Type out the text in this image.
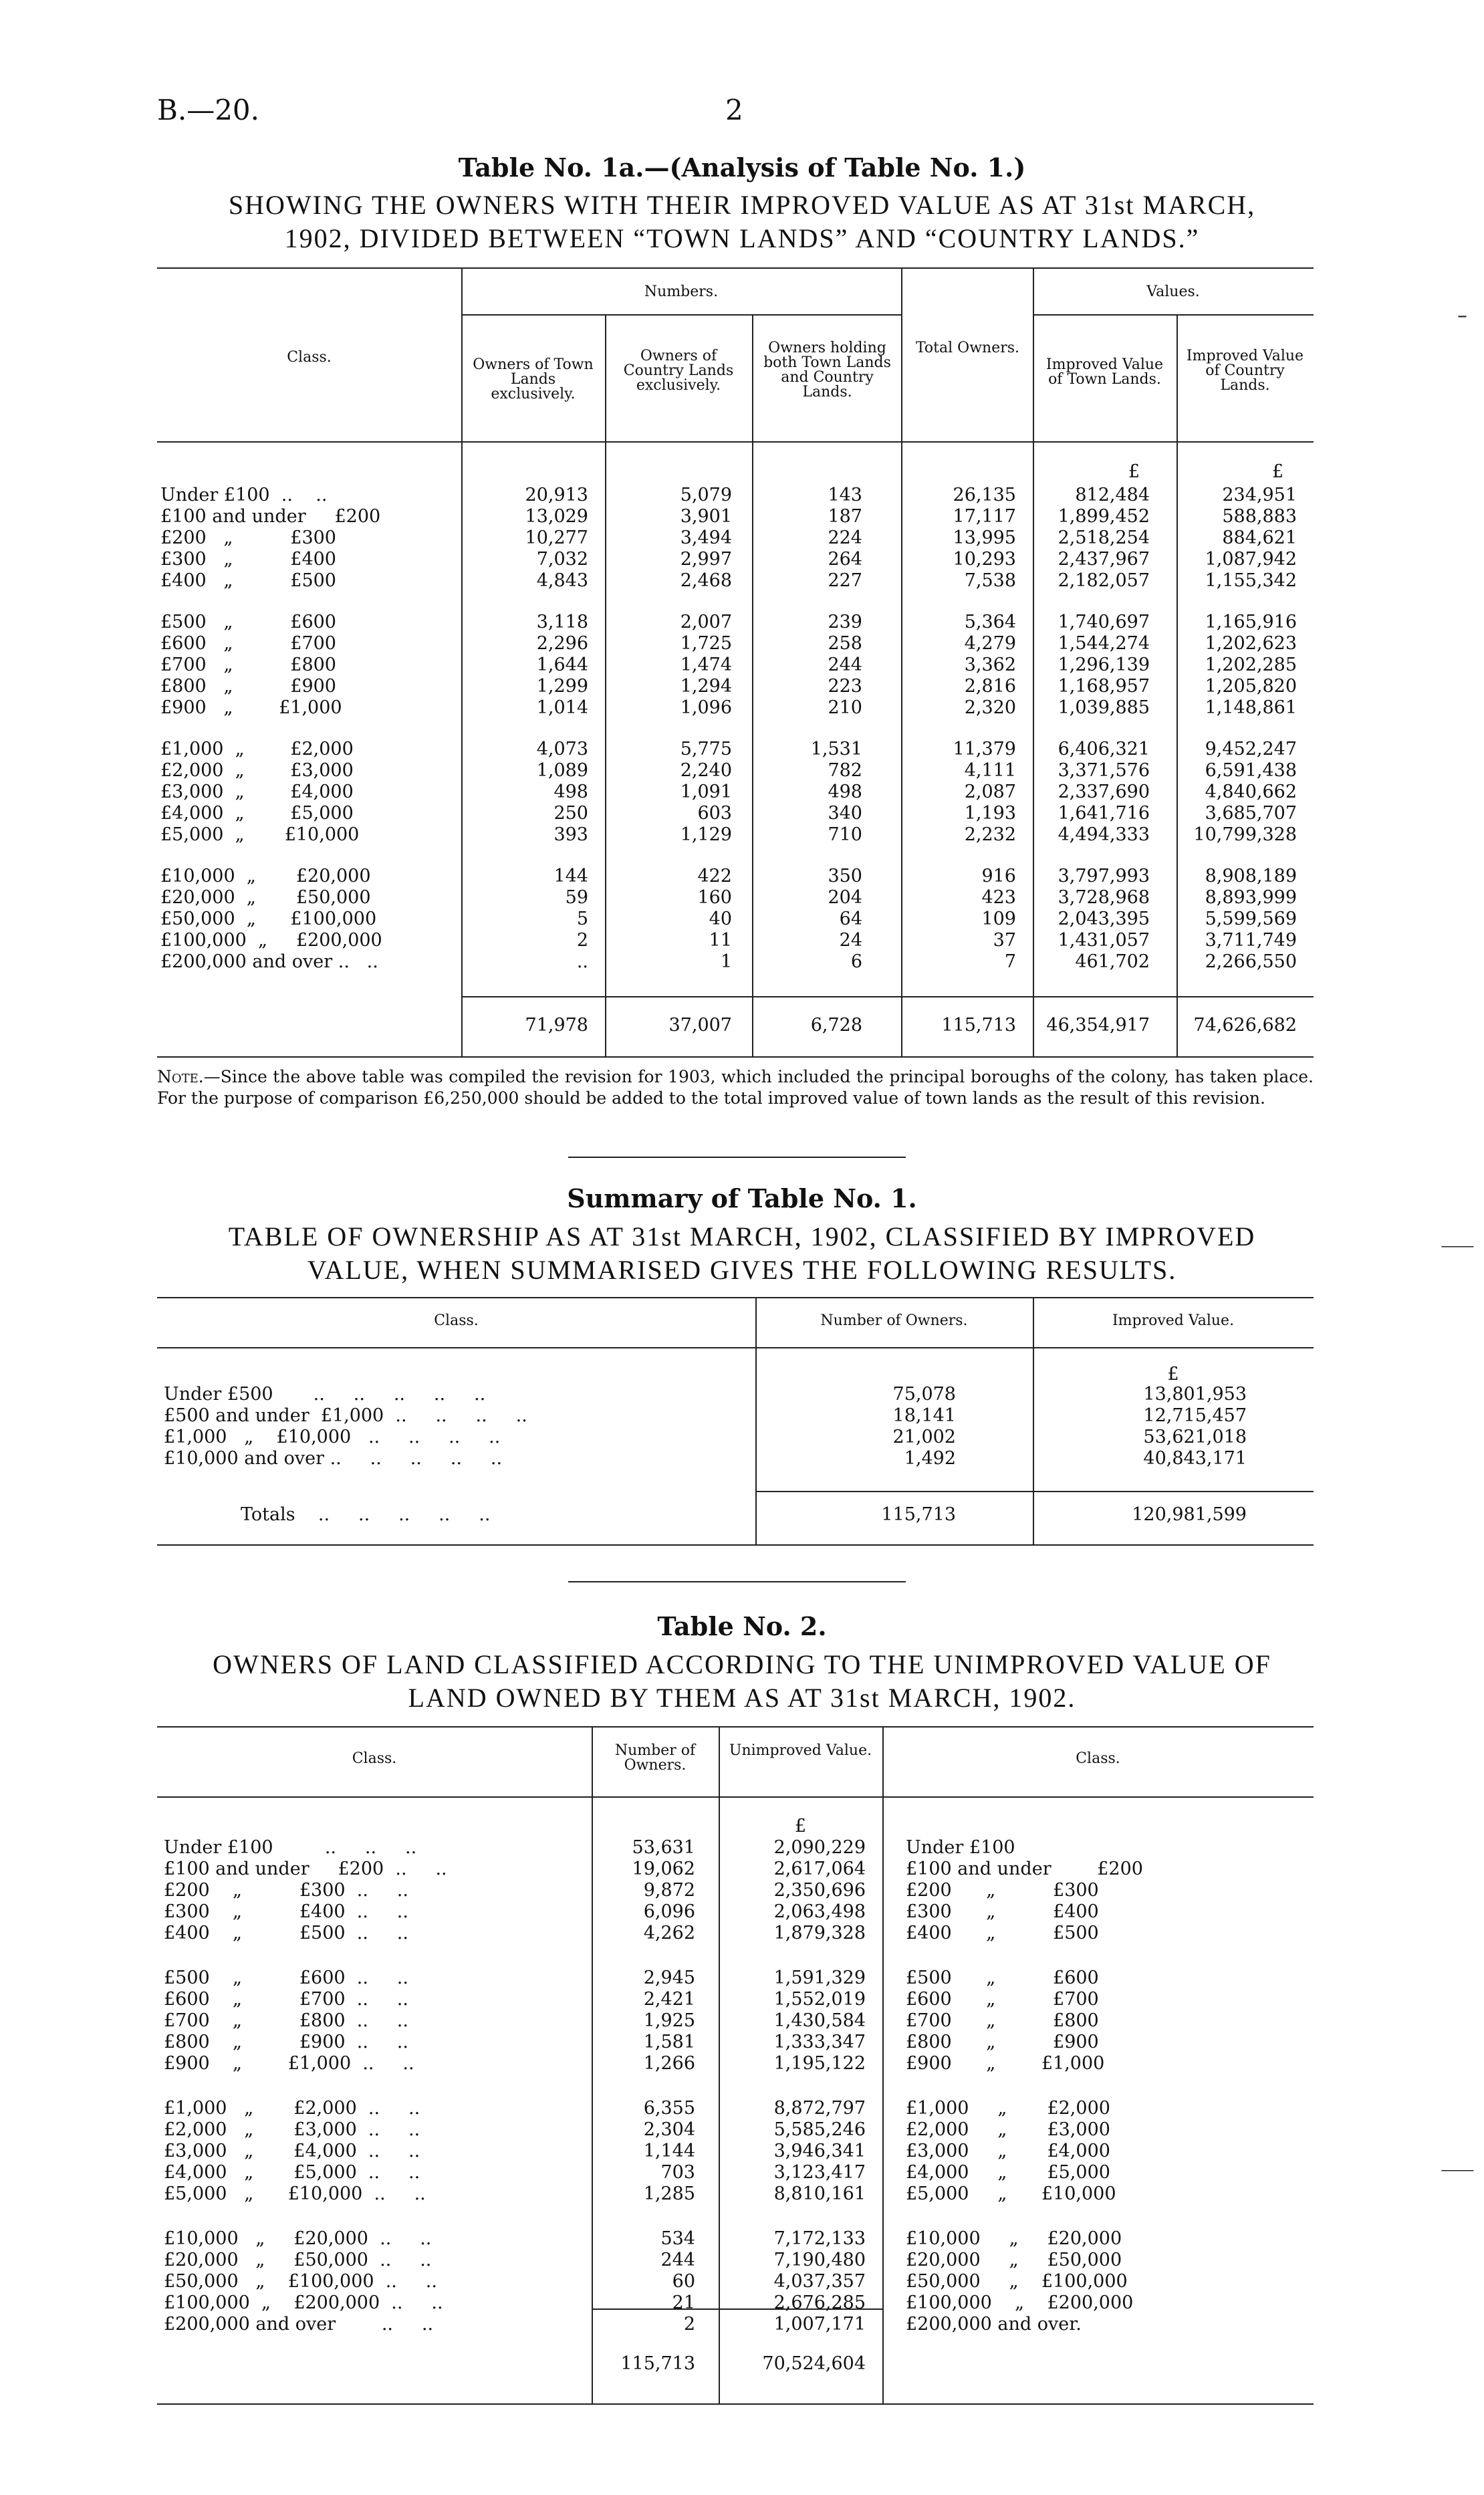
B.—20.	2
Table No. 1a.—(Analysis of Table No. 1.)
SHOWING THE OWNERS WITH THEIR IMPROVED VALUE AS AT 31st MARCH,
1902, DIVIDED BETWEEN “TOWN LANDS” AND “COUNTRY LANDS.”
Class.
Numbers.	Values.
Owners of Town Lands exclusively.
Owners of Country Lands exclusively.
Owners holding both Town Lands and Country Lands.
Total Owners.
Improved Value of Town Lands.
Improved Value of Country Lands.
£	£
Under £100  ..    ..	20,913	5,079	143	26,135	812,484	234,951
£100 and under     £200	13,029	3,901	187	17,117	1,899,452	588,883
£200   „          £300	10,277	3,494	224	13,995	2,518,254	884,621
£300   „          £400	7,032	2,997	264	10,293	2,437,967	1,087,942
£400   „          £500	4,843	2,468	227	7,538	2,182,057	1,155,342
£500   „          £600	3,118	2,007	239	5,364	1,740,697	1,165,916
£600   „          £700	2,296	1,725	258	4,279	1,544,274	1,202,623
£700   „          £800	1,644	1,474	244	3,362	1,296,139	1,202,285
£800   „          £900	1,299	1,294	223	2,816	1,168,957	1,205,820
£900   „        £1,000	1,014	1,096	210	2,320	1,039,885	1,148,861
£1,000  „        £2,000	4,073	5,775	1,531	11,379	6,406,321	9,452,247
£2,000  „        £3,000	1,089	2,240	782	4,111	3,371,576	6,591,438
£3,000  „        £4,000	498	1,091	498	2,087	2,337,690	4,840,662
£4,000  „        £5,000	250	603	340	1,193	1,641,716	3,685,707
£5,000  „       £10,000	393	1,129	710	2,232	4,494,333	10,799,328
£10,000  „       £20,000	144	422	350	916	3,797,993	8,908,189
£20,000  „       £50,000	59	160	204	423	3,728,968	8,893,999
£50,000  „      £100,000	5	40	64	109	2,043,395	5,599,569
£100,000  „     £200,000	2	11	24	37	1,431,057	3,711,749
£200,000 and over ..   ..	..	1	6	7	461,702	2,266,550
71,978	37,007	6,728	115,713	46,354,917	74,626,682
Note.—Since the above table was compiled the revision for 1903, which included the principal boroughs of the colony, has taken place. For the purpose of comparison £6,250,000 should be added to the total improved value of town lands as the result of this revision.
Summary of Table No. 1.
TABLE OF OWNERSHIP AS AT 31st MARCH, 1902, CLASSIFIED BY IMPROVED
VALUE, WHEN SUMMARISED GIVES THE FOLLOWING RESULTS.
Class.	Number of Owners.	Improved Value.
£
Under £500       ..     ..     ..     ..     ..	75,078	13,801,953
£500 and under  £1,000  ..     ..     ..     ..	18,141	12,715,457
£1,000   „    £10,000   ..     ..     ..     ..	21,002	53,621,018
£10,000 and over ..     ..     ..     ..     ..	1,492	40,843,171
Totals    ..     ..     ..     ..     ..	115,713	120,981,599
Table No. 2.
OWNERS OF LAND CLASSIFIED ACCORDING TO THE UNIMPROVED VALUE OF
LAND OWNED BY THEM AS AT 31st MARCH, 1902.
Class.	Number of Owners.
Unimproved Value.	Class.
£
Under £100         ..     ..     ..	53,631	2,090,229 Under £100
£100 and under     £200  ..     ..	19,062	2,617,064 £100 and under        £200
£200    „          £300  ..     ..	9,872	2,350,696 £200      „          £300
£300    „          £400  ..     ..	6,096	2,063,498 £300      „          £400
£400    „          £500  ..     ..	4,262	1,879,328 £400      „          £500
£500    „          £600  ..     ..	2,945	1,591,329 £500      „          £600
£600    „          £700  ..     ..	2,421	1,552,019 £600      „          £700
£700    „          £800  ..     ..	1,925	1,430,584 £700      „          £800
£800    „          £900  ..     ..	1,581	1,333,347 £800      „          £900
£900    „        £1,000  ..     ..	1,266	1,195,122 £900      „        £1,000
£1,000   „       £2,000  ..     ..	6,355	8,872,797 £1,000     „       £2,000
£2,000   „       £3,000  ..     ..	2,304	5,585,246 £2,000     „       £3,000
£3,000   „       £4,000  ..     ..	1,144	3,946,341 £3,000     „       £4,000
£4,000   „       £5,000  ..     ..	703	3,123,417 £4,000     „       £5,000
£5,000   „      £10,000  ..     ..	1,285	8,810,161 £5,000     „      £10,000
£10,000   „     £20,000  ..     ..	534	7,172,133 £10,000     „     £20,000
£20,000   „     £50,000  ..     ..	244	7,190,480 £20,000     „     £50,000
£50,000   „    £100,000  ..     ..	60	4,037,357 £50,000     „    £100,000
£100,000  „    £200,000  ..     ..	21	2,676,285 £100,000    „    £200,000
£200,000 and over        ..     ..	2	1,007,171 £200,000 and over.
115,713	70,524,604
–
⸺
⸺
